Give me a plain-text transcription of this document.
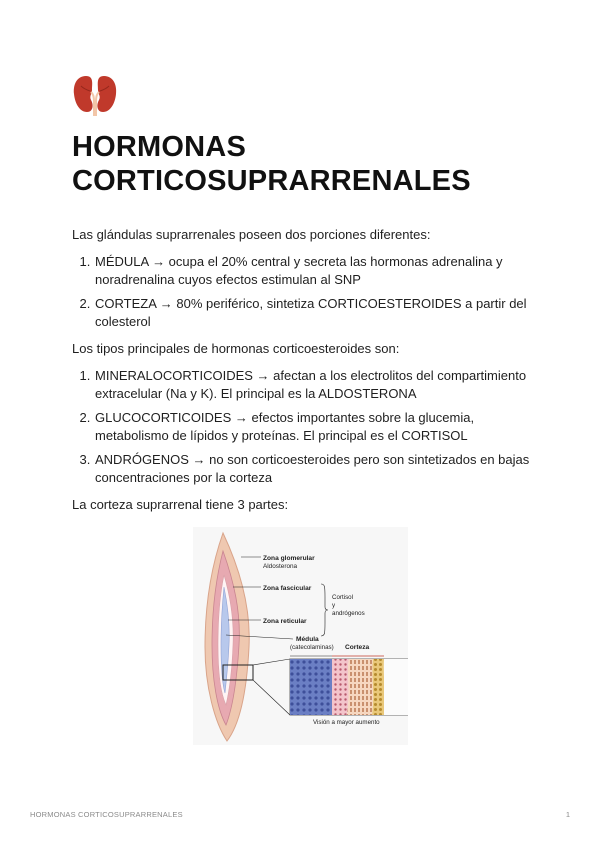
HORMONAS CORTICOSUPRARRENALES

Las glándulas suprarrenales poseen dos porciones diferentes:

1. MÉDULA → ocupa el 20% central y secreta las hormonas adrenalina y noradrenalina cuyos efectos estimulan al SNP
2. CORTEZA → 80% periférico, sintetiza CORTICOESTEROIDES a partir del colesterol

Los tipos principales de hormonas corticoesteroides son:

1. MINERALOCORTICOIDES → afectan a los electrolitos del compartimiento extracelular (Na y K). El principal es la ALDOSTERONA
2. GLUCOCORTICOIDES → efectos importantes sobre la glucemia, metabolismo de lípidos y proteínas. El principal es el CORTISOL
3. ANDRÓGENOS → no son corticoesteroides pero son sintetizados en bajas concentraciones por la corteza

La corteza suprarrenal tiene 3 partes:

Zona glomerular
Aldosterona
Zona fascicular
Zona reticular
Cortisol
y
andrógenos
Médula
(catecolaminas) Corteza
Visión a mayor aumento
HORMONAS CORTICOSUPRARRENALES	1
